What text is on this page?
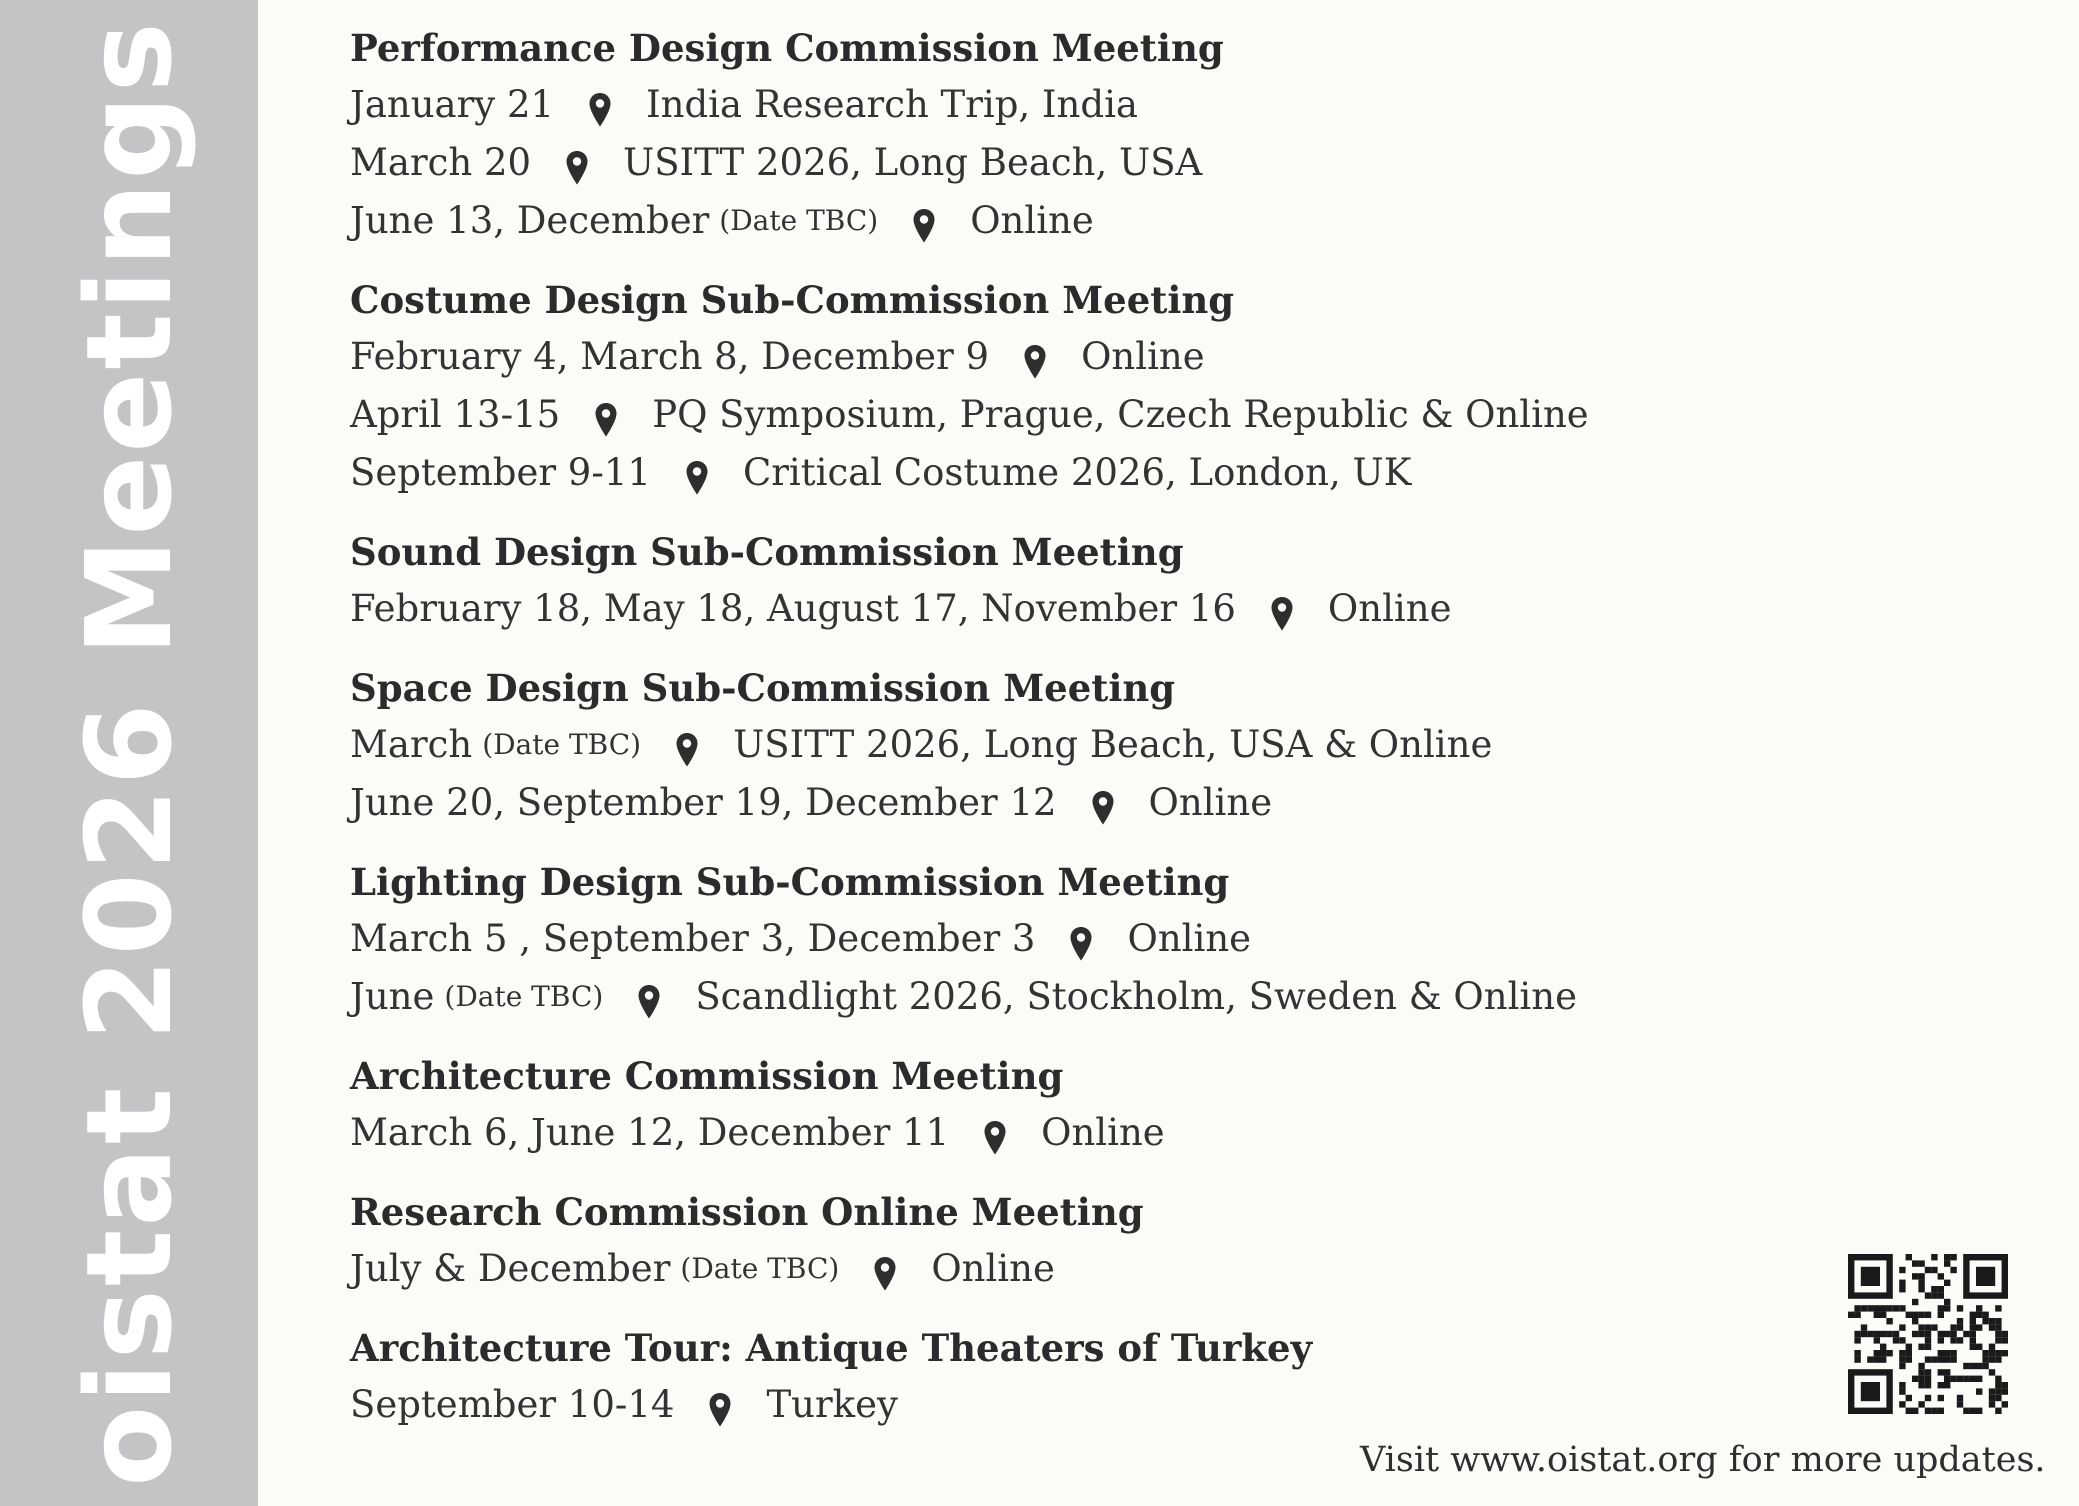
oistat 2026 Meetings	Performance Design Commission Meeting
January 21 India Research Trip, India
March 20 USITT 2026, Long Beach, USA
June 13, December (Date TBC) Online
Costume Design Sub-Commission Meeting
February 4, March 8, December 9 Online
April 13-15 PQ Symposium, Prague, Czech Republic & Online
September 9-11 Critical Costume 2026, London, UK
Sound Design Sub-Commission Meeting
February 18, May 18, August 17, November 16 Online
Space Design Sub-Commission Meeting
March (Date TBC) USITT 2026, Long Beach, USA & Online
June 20, September 19, December 12 Online
Lighting Design Sub-Commission Meeting
March 5 , September 3, December 3 Online
June (Date TBC) Scandlight 2026, Stockholm, Sweden & Online
Architecture Commission Meeting
March 6, June 12, December 11 Online
Research Commission Online Meeting
July & December (Date TBC) Online
Architecture Tour: Antique Theaters of Turkey
September 10-14 Turkey
Visit www.oistat.org for more updates.
